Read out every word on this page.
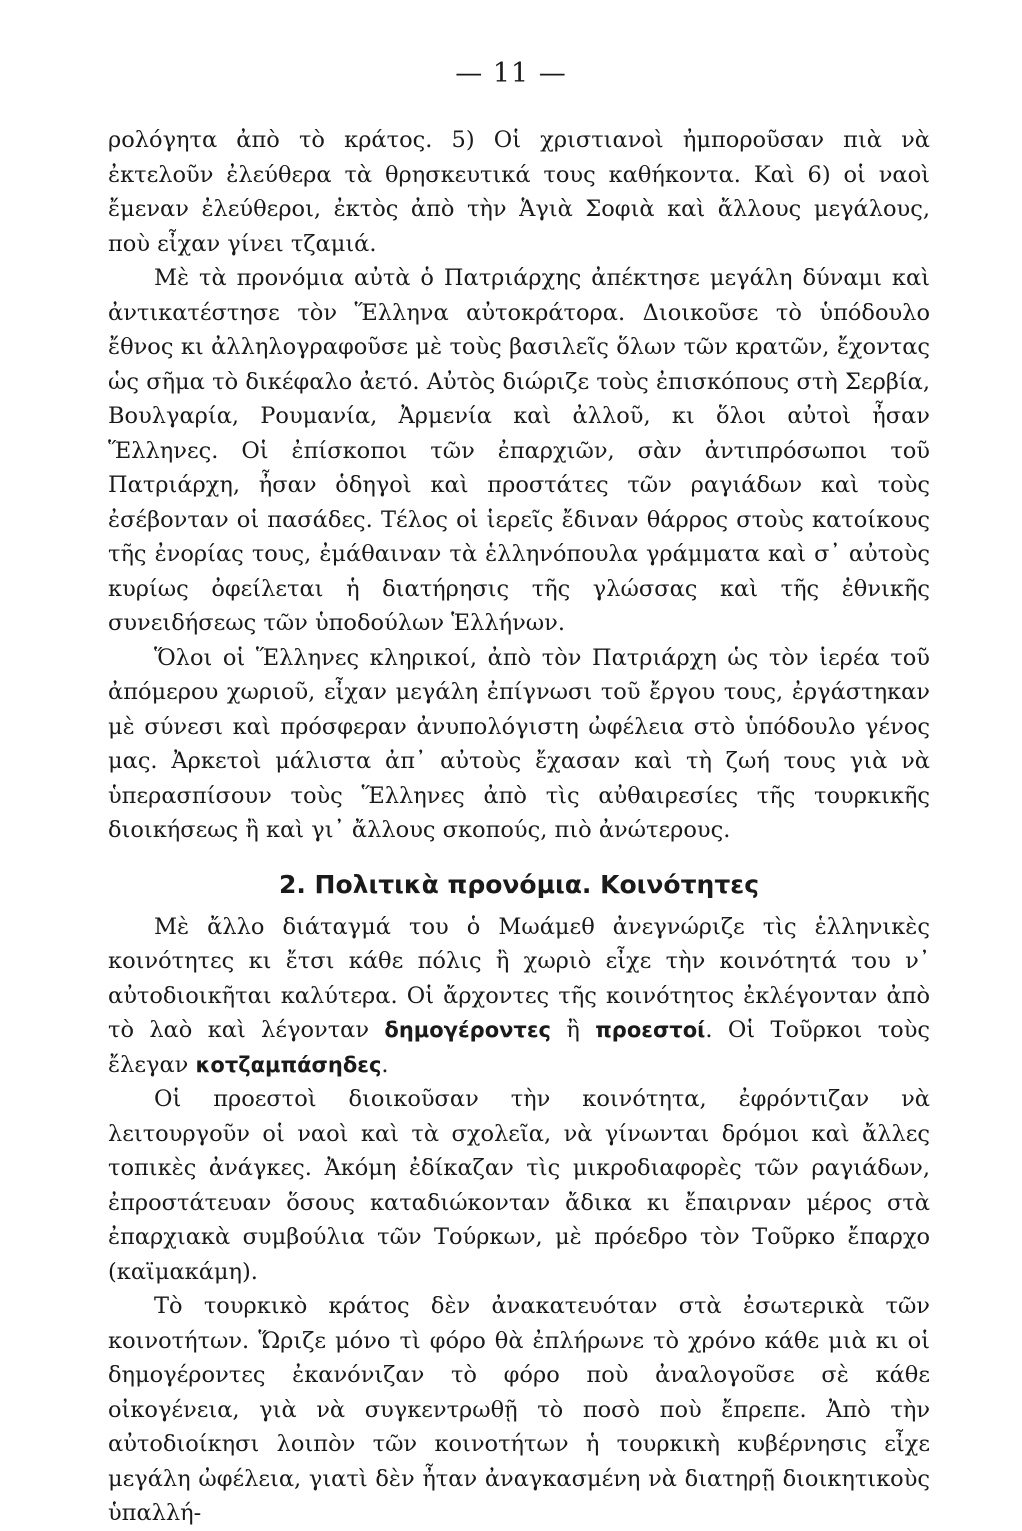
— 11 —

ρολόγητα ἀπὸ τὸ κράτος. 5) Οἱ χριστιανοὶ ἠμποροῦσαν πιὰ νὰ ἐκτελοῦν ἐλεύθερα τὰ θρησκευτικά τους καθήκοντα. Καὶ 6) οἱ ναοὶ ἔμεναν ἐλεύθεροι, ἐκτὸς ἀπὸ τὴν Ἁγιὰ Σοφιὰ καὶ ἄλλους μεγάλους, ποὺ εἶχαν γίνει τζαμιά.

Μὲ τὰ προνόμια αὐτὰ ὁ Πατριάρχης ἀπέκτησε μεγάλη δύναμι καὶ ἀντικατέστησε τὸν Ἕλληνα αὐτοκράτορα. Διοικοῦσε τὸ ὑπόδουλο ἔθνος κι ἀλληλογραφοῦσε μὲ τοὺς βασιλεῖς ὅλων τῶν κρατῶν, ἔχοντας ὡς σῆμα τὸ δικέφαλο ἀετό. Αὐτὸς διώριζε τοὺς ἐπισκόπους στὴ Σερβία, Βουλγαρία, Ρουμανία, Ἀρμενία καὶ ἀλλοῦ, κι ὅλοι αὐτοὶ ἦσαν Ἕλληνες. Οἱ ἐπίσκοποι τῶν ἐπαρχιῶν, σὰν ἀντιπρόσωποι τοῦ Πατριάρχη, ἦσαν ὁδηγοὶ καὶ προστάτες τῶν ραγιάδων καὶ τοὺς ἐσέβονταν οἱ πασάδες. Τέλος οἱ ἱερεῖς ἔδιναν θάρρος στοὺς κατοίκους τῆς ἐνορίας τους, ἐμάθαιναν τὰ ἑλληνόπουλα γράμματα καὶ σ᾽ αὐτοὺς κυρίως ὀφείλεται ἡ διατήρησις τῆς γλώσσας καὶ τῆς ἐθνικῆς συνειδήσεως τῶν ὑποδούλων Ἑλλήνων.

Ὅλοι οἱ Ἕλληνες κληρικοί, ἀπὸ τὸν Πατριάρχη ὡς τὸν ἱερέα τοῦ ἀπόμερου χωριοῦ, εἶχαν μεγάλη ἐπίγνωσι τοῦ ἔργου τους, ἐργάστηκαν μὲ σύνεσι καὶ πρόσφεραν ἀνυπολόγιστη ὠφέλεια στὸ ὑπόδουλο γένος μας. Ἀρκετοὶ μάλιστα ἀπ᾽ αὐτοὺς ἔχασαν καὶ τὴ ζωή τους γιὰ νὰ ὑπερασπίσουν τοὺς Ἕλληνες ἀπὸ τὶς αὐθαιρεσίες τῆς τουρκικῆς διοικήσεως ἢ καὶ γι᾽ ἄλλους σκοπούς, πιὸ ἀνώτερους.

2. Πολιτικὰ προνόμια. Κοινότητες

Μὲ ἄλλο διάταγμά του ὁ Μωάμεθ ἀνεγνώριζε τὶς ἑλληνικὲς κοινότητες κι ἔτσι κάθε πόλις ἢ χωριὸ εἶχε τὴν κοινότητά του ν᾽ αὐτοδιοικῆται καλύτερα. Οἱ ἄρχοντες τῆς κοινότητος ἐκλέγονταν ἀπὸ τὸ λαὸ καὶ λέγονταν δημογέροντες ἢ προεστοί. Οἱ Τοῦρκοι τοὺς ἔλεγαν κοτζαμπάσηδες.

Οἱ προεστοὶ διοικοῦσαν τὴν κοινότητα, ἐφρόντιζαν νὰ λειτουργοῦν οἱ ναοὶ καὶ τὰ σχολεῖα, νὰ γίνωνται δρόμοι καὶ ἄλλες τοπικὲς ἀνάγκες. Ἀκόμη ἐδίκαζαν τὶς μικροδιαφορὲς τῶν ραγιάδων, ἐπροστάτευαν ὅσους καταδιώκονταν ἄδικα κι ἔπαιρναν μέρος στὰ ἐπαρχιακὰ συμβούλια τῶν Τούρκων, μὲ πρόεδρο τὸν Τοῦρκο ἔπαρχο (καϊμακάμη).

Τὸ τουρκικὸ κράτος δὲν ἀνακατευόταν στὰ ἐσωτερικὰ τῶν κοινοτήτων. Ὥριζε μόνο τὶ φόρο θὰ ἐπλήρωνε τὸ χρόνο κάθε μιὰ κι οἱ δημογέροντες ἐκανόνιζαν τὸ φόρο ποὺ ἀναλογοῦσε σὲ κάθε οἰκογένεια, γιὰ νὰ συγκεντρωθῇ τὸ ποσὸ ποὺ ἔπρεπε. Ἀπὸ τὴν αὐτοδιοίκησι λοιπὸν τῶν κοινοτήτων ἡ τουρκικὴ κυβέρνησις εἶχε μεγάλη ὠφέλεια, γιατὶ δὲν ἦταν ἀναγκασμένη νὰ διατηρῇ διοικητικοὺς ὑπαλλή-
